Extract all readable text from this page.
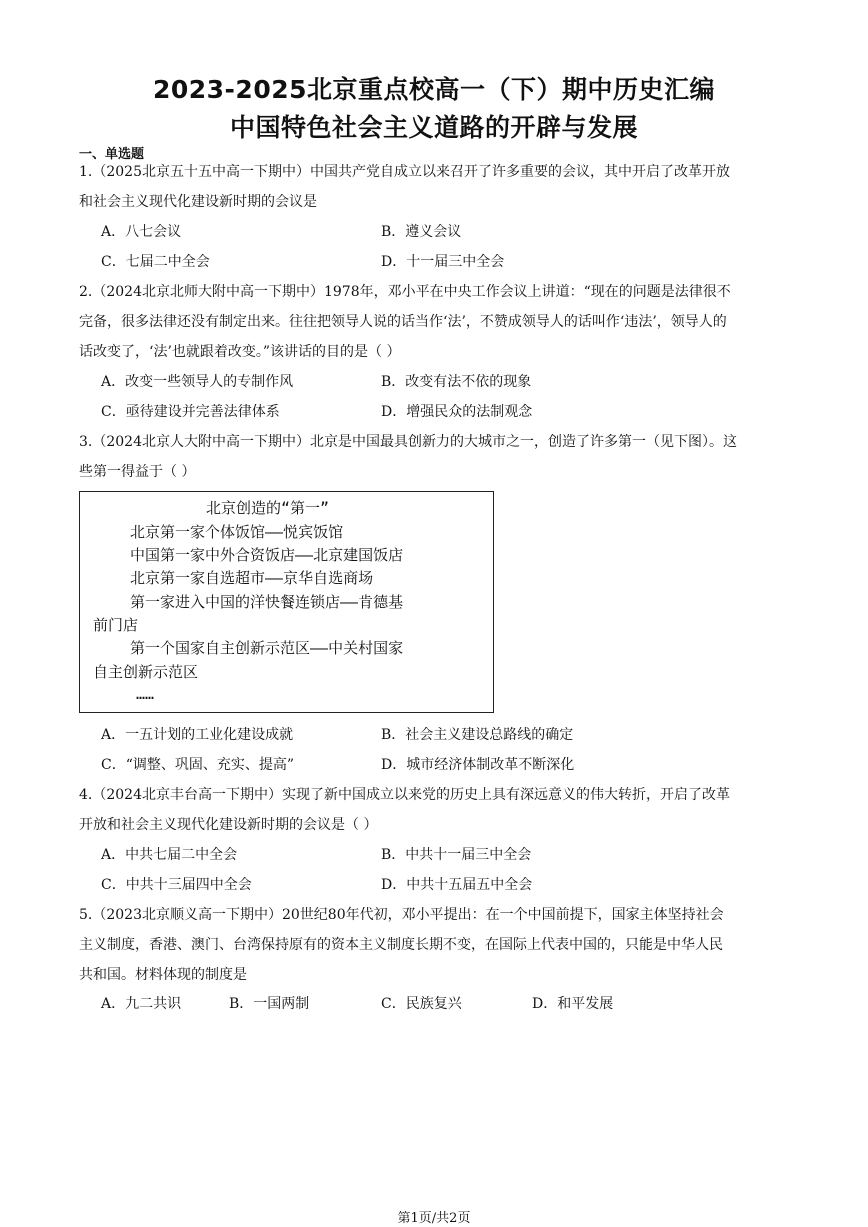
2023-2025北京重点校高一（下）期中历史汇编
中国特色社会主义道路的开辟与发展
一、单选题
1.（2025北京五十五中高一下期中）中国共产党自成立以来召开了许多重要的会议，其中开启了改革开放
和社会主义现代化建设新时期的会议是
A．八七会议	B．遵义会议
C．七届二中全会	D．十一届三中全会
2.（2024北京北师大附中高一下期中）1978年，邓小平在中央工作会议上讲道：“现在的问题是法律很不
完备，很多法律还没有制定出来。往往把领导人说的话当作‘法’，不赞成领导人的话叫作‘违法’，领导人的
话改变了，‘法’也就跟着改变。”该讲话的目的是（ ）
A．改变一些领导人的专制作风	B．改变有法不依的现象
C．亟待建设并完善法律体系	D．增强民众的法制观念
3.（2024北京人大附中高一下期中）北京是中国最具创新力的大城市之一，创造了许多第一（见下图）。这
些第一得益于（ ）
北京创造的“第一”
北京第一家个体饭馆——悦宾饭馆
中国第一家中外合资饭店——北京建国饭店
北京第一家自选超市——京华自选商场
第一家进入中国的洋快餐连锁店——肯德基
前门店
第一个国家自主创新示范区——中关村国家
自主创新示范区
……
A．一五计划的工业化建设成就	B．社会主义建设总路线的确定
C．“调整、巩固、充实、提高”	D．城市经济体制改革不断深化
4.（2024北京丰台高一下期中）实现了新中国成立以来党的历史上具有深远意义的伟大转折，开启了改革
开放和社会主义现代化建设新时期的会议是（ ）
A．中共七届二中全会	B．中共十一届三中全会
C．中共十三届四中全会	D．中共十五届五中全会
5.（2023北京顺义高一下期中）20世纪80年代初，邓小平提出：在一个中国前提下，国家主体坚持社会
主义制度，香港、澳门、台湾保持原有的资本主义制度长期不变，在国际上代表中国的，只能是中华人民
共和国。材料体现的制度是
A．九二共识	B．一国两制	C．民族复兴	D．和平发展
第1页/共2页
